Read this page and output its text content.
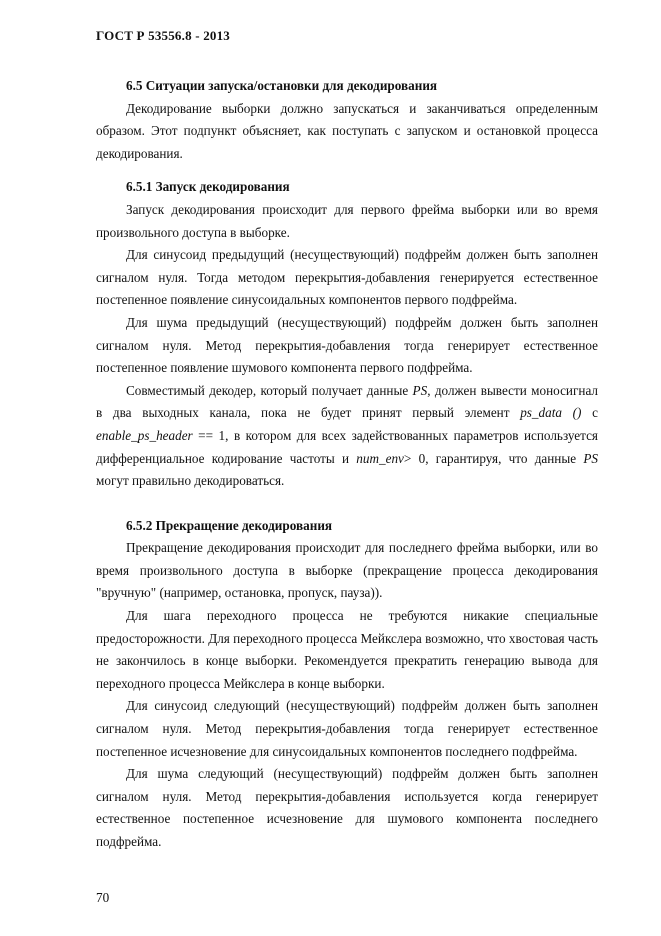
ГОСТ Р 53556.8 - 2013
6.5 Ситуации запуска/остановки для декодирования

Декодирование выборки должно запускаться и заканчиваться определенным образом. Этот подпункт объясняет, как поступать с запуском и остановкой процесса декодирования.

6.5.1 Запуск декодирования

Запуск декодирования происходит для первого фрейма выборки или во время произвольного доступа в выборке.

Для синусоид предыдущий (несуществующий) подфрейм должен быть заполнен сигналом нуля. Тогда методом перекрытия-добавления генерируется естественное постепенное появление синусоидальных компонентов первого подфрейма.

Для шума предыдущий (несуществующий) подфрейм должен быть заполнен сигналом нуля. Метод перекрытия-добавления тогда генерирует естественное постепенное появление шумового компонента первого подфрейма.

Совместимый декодер, который получает данные PS, должен вывести моносигнал в два выходных канала, пока не будет принят первый элемент ps_data () с enable_ps_header == 1, в котором для всех задействованных параметров используется дифференциальное кодирование частоты и num_env> 0, гарантируя, что данные PS могут правильно декодироваться.

6.5.2 Прекращение декодирования

Прекращение декодирования происходит для последнего фрейма выборки, или во время произвольного доступа в выборке (прекращение процесса декодирования "вручную" (например, остановка, пропуск, пауза)).

Для шага переходного процесса не требуются никакие специальные предосторожности. Для переходного процесса Мейкслера возможно, что хвостовая часть не закончилось в конце выборки. Рекомендуется прекратить генерацию вывода для переходного процесса Мейкслера в конце выборки.

Для синусоид следующий (несуществующий) подфрейм должен быть заполнен сигналом нуля. Метод перекрытия-добавления тогда генерирует естественное постепенное исчезновение для синусоидальных компонентов последнего подфрейма.

Для шума следующий (несуществующий) подфрейм должен быть заполнен сигналом нуля. Метод перекрытия-добавления используется когда генерирует естественное постепенное исчезновение для шумового компонента последнего подфрейма.

70
